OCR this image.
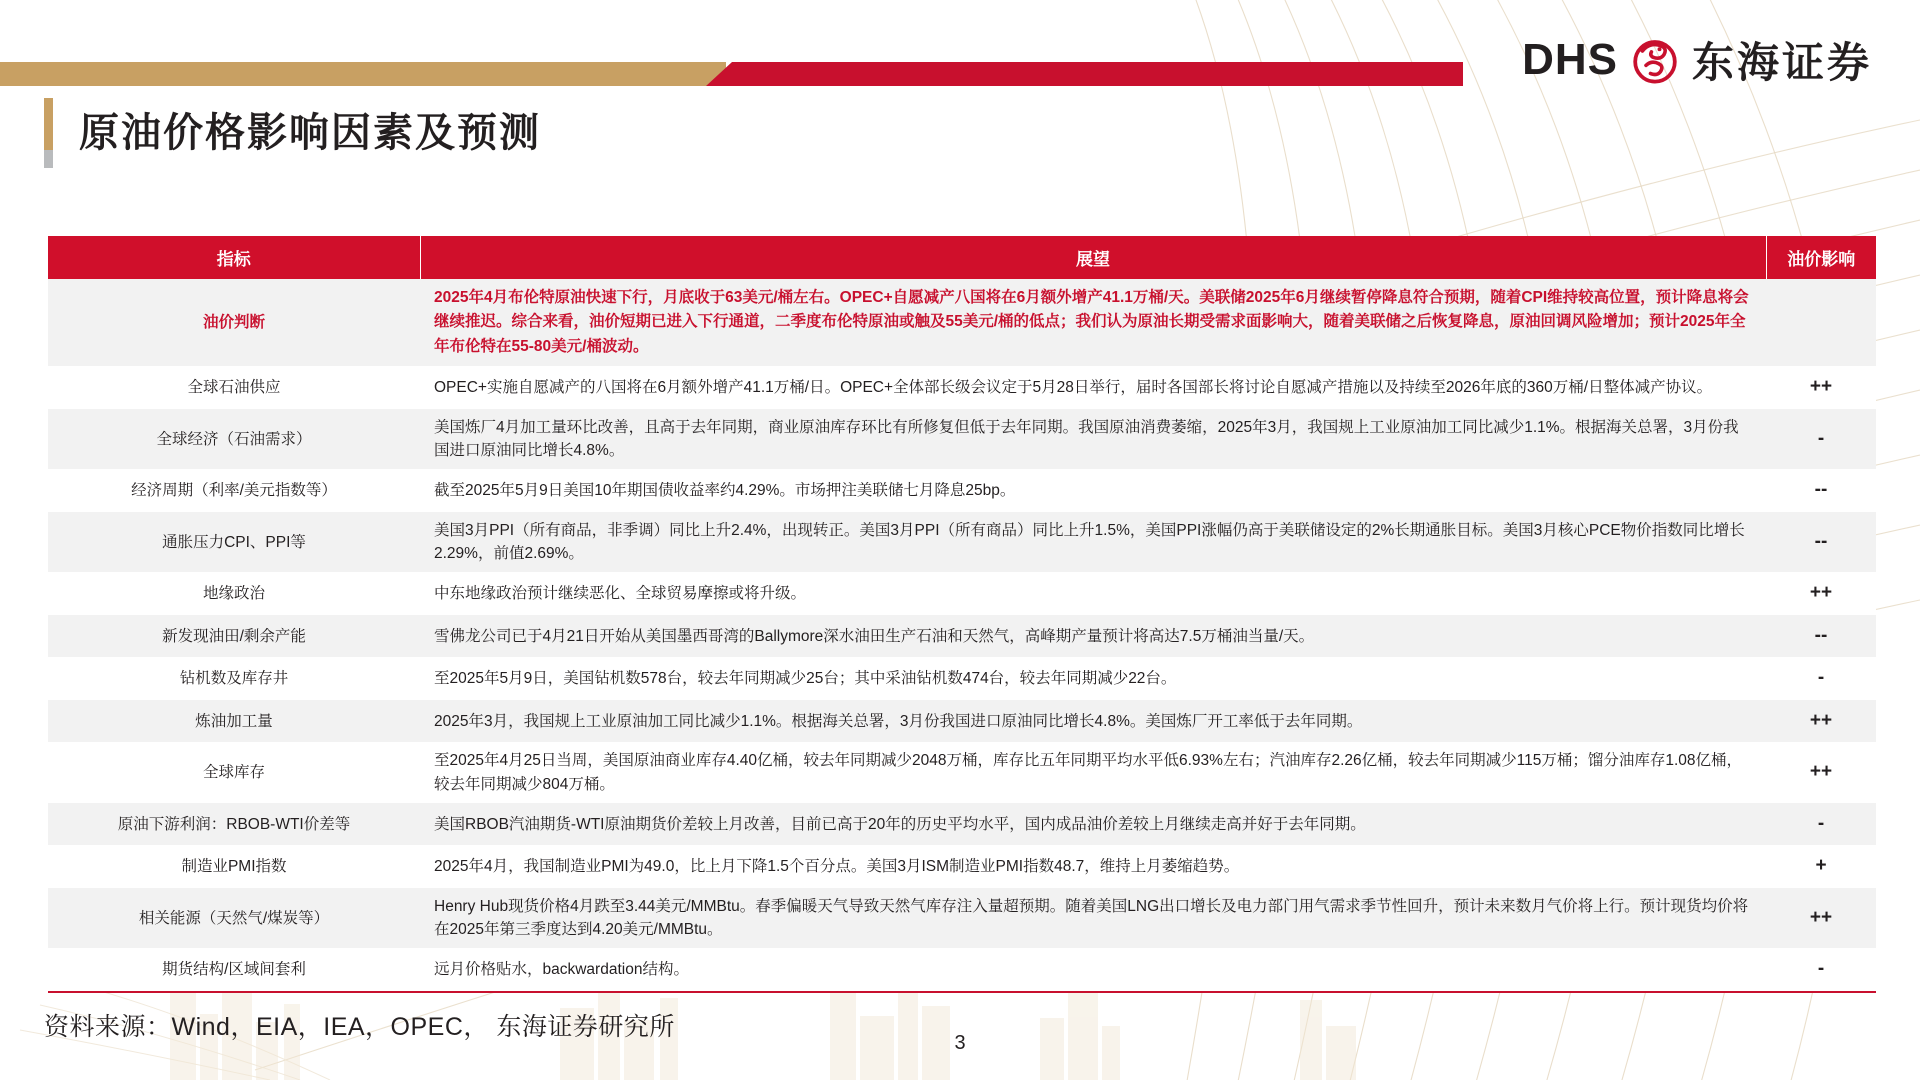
DHS 东海证券
原油价格影响因素及预测
指标	展望	油价影响
油价判断	2025年4月布伦特原油快速下行，月底收于63美元/桶左右。OPEC+自愿减产八国将在6月额外增产41.1万桶/天。美联储2025年6月继续暂停降息符合预期，随着CPI维持较高位置，预计降息将会继续推迟。综合来看，油价短期已进入下行通道，二季度布伦特原油或触及55美元/桶的低点；我们认为原油长期受需求面影响大，随着美联储之后恢复降息，原油回调风险增加；预计2025年全年布伦特在55-80美元/桶波动。	
全球石油供应	OPEC+实施自愿减产的八国将在6月额外增产41.1万桶/日。OPEC+全体部长级会议定于5月28日举行，届时各国部长将讨论自愿减产措施以及持续至2026年底的360万桶/日整体减产协议。	++
全球经济（石油需求）	美国炼厂4月加工量环比改善，且高于去年同期，商业原油库存环比有所修复但低于去年同期。我国原油消费萎缩，2025年3月，我国规上工业原油加工同比减少1.1%。根据海关总署，3月份我国进口原油同比增长4.8%。	-
经济周期（利率/美元指数等）	截至2025年5月9日美国10年期国债收益率约4.29%。市场押注美联储七月降息25bp。	--
通胀压力CPI、PPI等	美国3月PPI（所有商品，非季调）同比上升2.4%，出现转正。美国3月PPI（所有商品）同比上升1.5%，美国PPI涨幅仍高于美联储设定的2%长期通胀目标。美国3月核心PCE物价指数同比增长2.29%，前值2.69%。	--
地缘政治	中东地缘政治预计继续恶化、全球贸易摩擦或将升级。	++
新发现油田/剩余产能	雪佛龙公司已于4月21日开始从美国墨西哥湾的Ballymore深水油田生产石油和天然气，高峰期产量预计将高达7.5万桶油当量/天。	--
钻机数及库存井	至2025年5月9日，美国钻机数578台，较去年同期减少25台；其中采油钻机数474台，较去年同期减少22台。	-
炼油加工量	2025年3月，我国规上工业原油加工同比减少1.1%。根据海关总署，3月份我国进口原油同比增长4.8%。美国炼厂开工率低于去年同期。	++
全球库存	至2025年4月25日当周，美国原油商业库存4.40亿桶，较去年同期减少2048万桶，库存比五年同期平均水平低6.93%左右；汽油库存2.26亿桶，较去年同期减少115万桶；馏分油库存1.08亿桶，较去年同期减少804万桶。	++
原油下游利润：RBOB-WTI价差等	美国RBOB汽油期货-WTI原油期货价差较上月改善，目前已高于20年的历史平均水平，国内成品油价差较上月继续走高并好于去年同期。	-
制造业PMI指数	2025年4月，我国制造业PMI为49.0，比上月下降1.5个百分点。美国3月ISM制造业PMI指数48.7，维持上月萎缩趋势。	+
相关能源（天然气/煤炭等）	Henry Hub现货价格4月跌至3.44美元/MMBtu。春季偏暖天气导致天然气库存注入量超预期。随着美国LNG出口增长及电力部门用气需求季节性回升，预计未来数月气价将上行。预计现货均价将在2025年第三季度达到4.20美元/MMBtu。	++
期货结构/区域间套利	远月价格贴水，backwardation结构。	-
资料来源：Wind，EIA，IEA，OPEC， 东海证券研究所
3
